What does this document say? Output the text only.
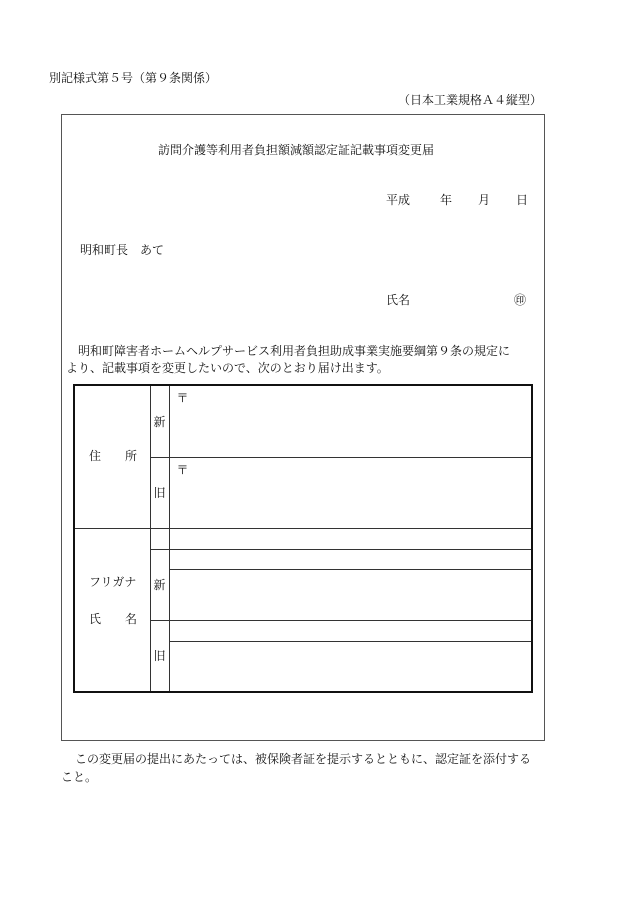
別記様式第５号（第９条関係）
（日本工業規格Ａ４縦型）
訪問介護等利用者負担額減額認定証記載事項変更届
平成 年 月 日
明和町長　あて
氏名	㊞
明和町障害者ホームヘルプサービス利用者負担助成事業実施要綱第９条の規定に
より、記載事項を変更したいので、次のとおり届け出ます。
住　　所	新	〒

	旧	〒

フリガナ
氏　　名		

	新	

	旧	

この変更届の提出にあたっては、被保険者証を提示するとともに、認定証を添付する
こと。
